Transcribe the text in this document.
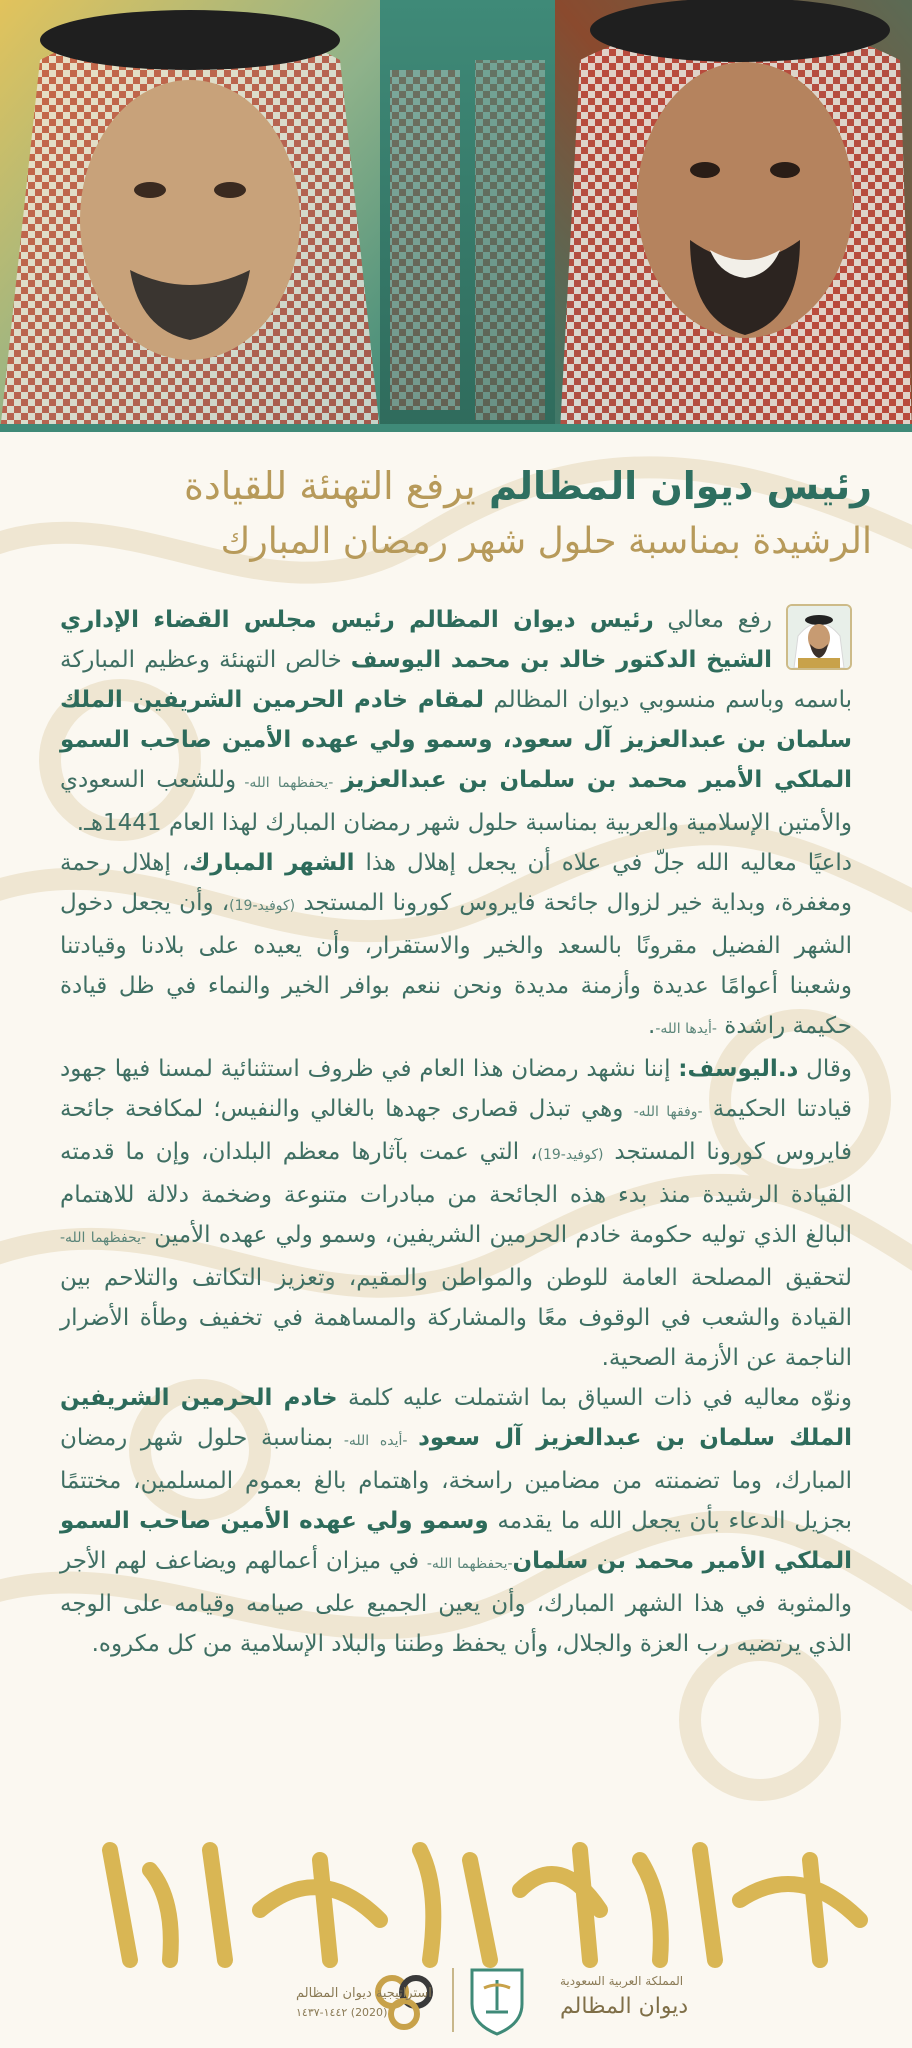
رئيس ديوان المظالم يرفع التهنئة للقيادة
الرشيدة بمناسبة حلول شهر رمضان المبارك

رفع معالي رئيس ديوان المظالم رئيس مجلس القضاء الإداري الشيخ الدكتور خالد بن محمد اليوسف خالص التهنئة وعظيم المباركة باسمه وباسم منسوبي ديوان المظالم لمقام خادم الحرمين الشريفين الملك سلمان بن عبدالعزيز آل سعود، وسمو ولي عهده الأمين صاحب السمو الملكي الأمير محمد بن سلمان بن عبدالعزيز -يحفظهما الله- وللشعب السعودي والأمتين الإسلامية والعربية بمناسبة حلول شهر رمضان المبارك لهذا العام 1441هـ.

داعيًا معاليه الله جلّ في علاه أن يجعل إهلال هذا الشهر المبارك، إهلال رحمة ومغفرة، وبداية خير لزوال جائحة فايروس كورونا المستجد (كوفيد-19)، وأن يجعل دخول الشهر الفضيل مقرونًا بالسعد والخير والاستقرار، وأن يعيده على بلادنا وقيادتنا وشعبنا أعوامًا عديدة وأزمنة مديدة ونحن ننعم بوافر الخير والنماء في ظل قيادة حكيمة راشدة -أيدها الله-.

وقال د.اليوسف: إننا نشهد رمضان هذا العام في ظروف استثنائية لمسنا فيها جهود قيادتنا الحكيمة -وفقها الله- وهي تبذل قصارى جهدها بالغالي والنفيس؛ لمكافحة جائحة فايروس كورونا المستجد (كوفيد-19)، التي عمت بآثارها معظم البلدان، وإن ما قدمته القيادة الرشيدة منذ بدء هذه الجائحة من مبادرات متنوعة وضخمة دلالة للاهتمام البالغ الذي توليه حكومة خادم الحرمين الشريفين، وسمو ولي عهده الأمين -يحفظهما الله- لتحقيق المصلحة العامة للوطن والمواطن والمقيم، وتعزيز التكاتف والتلاحم بين القيادة والشعب في الوقوف معًا والمشاركة والمساهمة في تخفيف وطأة الأضرار الناجمة عن الأزمة الصحية.

ونوّه معاليه في ذات السياق بما اشتملت عليه كلمة خادم الحرمين الشريفين الملك سلمان بن عبدالعزيز آل سعود -أيده الله- بمناسبة حلول شهر رمضان المبارك، وما تضمنته من مضامين راسخة، واهتمام بالغ بعموم المسلمين، مختتمًا بجزيل الدعاء بأن يجعل الله ما يقدمه وسمو ولي عهده الأمين صاحب السمو الملكي الأمير محمد بن سلمان-يحفظهما الله- في ميزان أعمالهم ويضاعف لهم الأجر والمثوبة في هذا الشهر المبارك، وأن يعين الجميع على صيامه وقيامه على الوجه الذي يرتضيه رب العزة والجلال، وأن يحفظ وطننا والبلاد الإسلامية من كل مكروه.

المملكة العربية السعودية
ديوان المظالم
استراتيجية ديوان المظالم
(2020) ١٤٤٢-١٤٣٧
